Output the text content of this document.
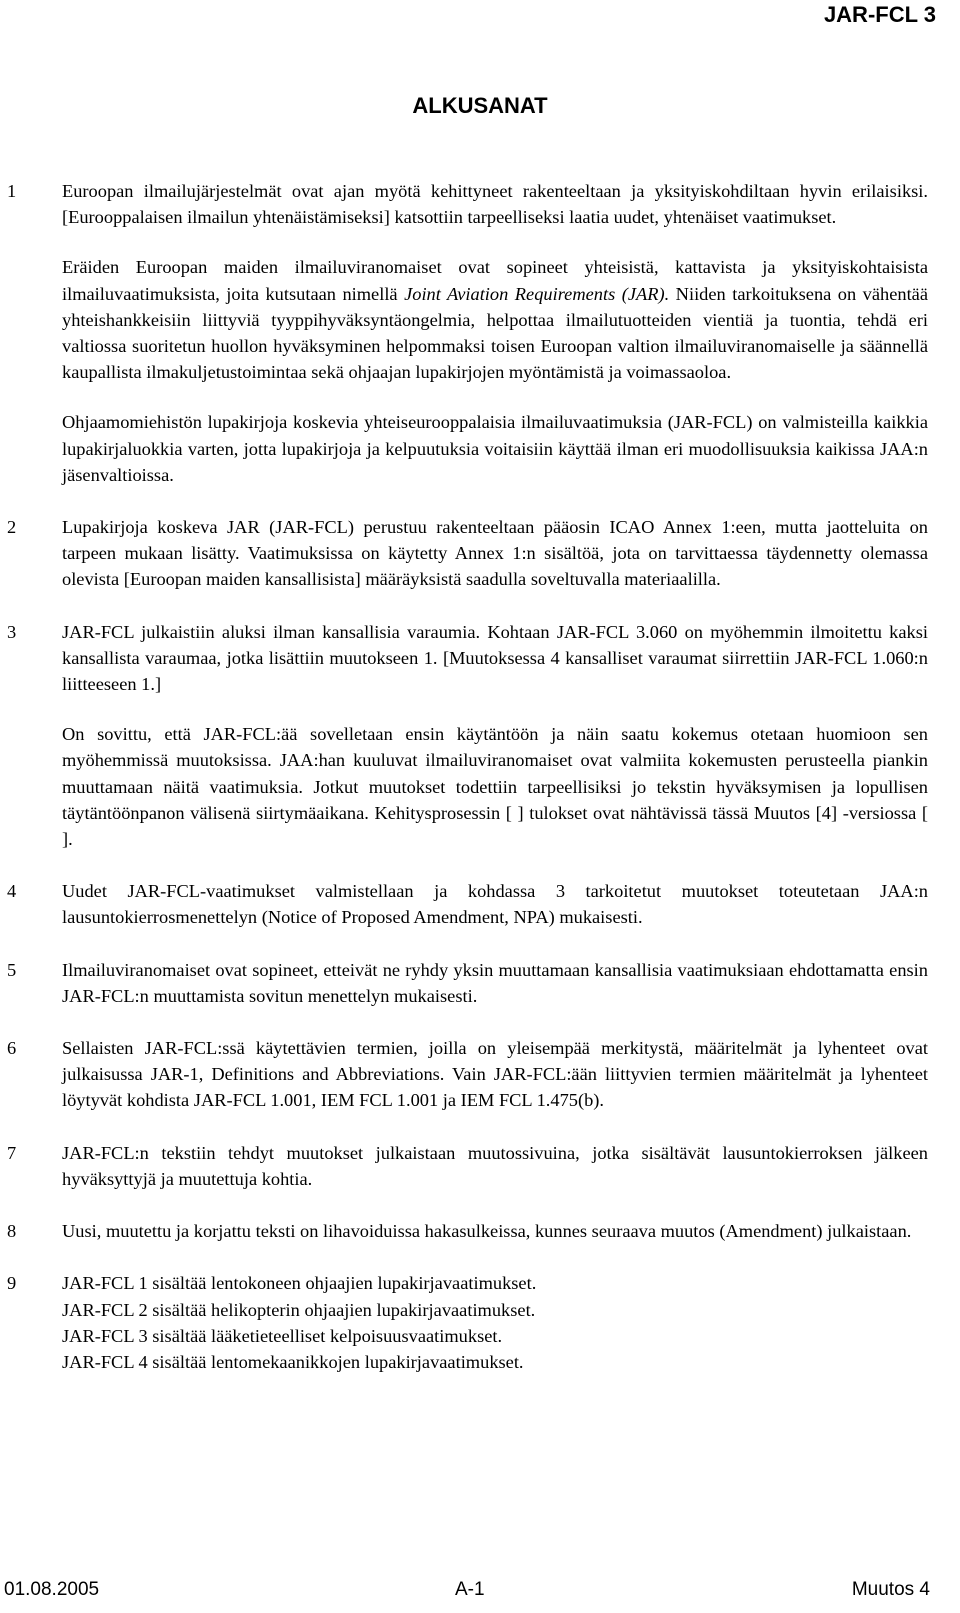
JAR-FCL 3
ALKUSANAT
1 Euroopan ilmailujärjestelmät ovat ajan myötä kehittyneet rakenteeltaan ja yksityiskohdiltaan hyvin erilaisiksi. [Eurooppalaisen ilmailun yhtenäistämiseksi] katsottiin tarpeelliseksi laatia uudet, yhtenäiset vaatimukset.

Eräiden Euroopan maiden ilmailuviranomaiset ovat sopineet yhteisistä, kattavista ja yksityiskohtaisista ilmailuvaatimuksista, joita kutsutaan nimellä Joint Aviation Requirements (JAR). Niiden tarkoituksena on vähentää yhteishankkeisiin liittyviä tyyppihyväksyntäongelmia, helpottaa ilmailutuotteiden vientiä ja tuontia, tehdä eri valtiossa suoritetun huollon hyväksyminen helpommaksi toisen Euroopan valtion ilmailuviranomaiselle ja säännellä kaupallista ilmakuljetustoimintaa sekä ohjaajan lupakirjojen myöntämistä ja voimassaoloa.

Ohjaamomiehistön lupakirjoja koskevia yhteiseurooppalaisia ilmailuvaatimuksia (JAR-FCL) on valmisteilla kaikkia lupakirjaluokkia varten, jotta lupakirjoja ja kelpuutuksia voitaisiin käyttää ilman eri muodollisuuksia kaikissa JAA:n jäsenvaltioissa.

2 Lupakirjoja koskeva JAR (JAR-FCL) perustuu rakenteeltaan pääosin ICAO Annex 1:een, mutta jaotteluita on tarpeen mukaan lisätty. Vaatimuksissa on käytetty Annex 1:n sisältöä, jota on tarvittaessa täydennetty olemassa olevista [Euroopan maiden kansallisista] määräyksistä saadulla soveltuvalla materiaalilla.

3 JAR-FCL julkaistiin aluksi ilman kansallisia varaumia. Kohtaan JAR-FCL 3.060 on myöhemmin ilmoitettu kaksi kansallista varaumaa, jotka lisättiin muutokseen 1. [Muutoksessa 4 kansalliset varaumat siirrettiin JAR-FCL 1.060:n liitteeseen 1.]

On sovittu, että JAR-FCL:ää sovelletaan ensin käytäntöön ja näin saatu kokemus otetaan huomioon sen myöhemmissä muutoksissa. JAA:han kuuluvat ilmailuviranomaiset ovat valmiita kokemusten perusteella piankin muuttamaan näitä vaatimuksia. Jotkut muutokset todettiin tarpeellisiksi jo tekstin hyväksymisen ja lopullisen täytäntöönpanon välisenä siirtymäaikana. Kehitysprosessin [ ] tulokset ovat nähtävissä tässä Muutos [4] -versiossa [ ].

4 Uudet JAR-FCL-vaatimukset valmistellaan ja kohdassa 3 tarkoitetut muutokset toteutetaan JAA:n lausuntokierrosmenettelyn (Notice of Proposed Amendment, NPA) mukaisesti.

5 Ilmailuviranomaiset ovat sopineet, etteivät ne ryhdy yksin muuttamaan kansallisia vaatimuksiaan ehdottamatta ensin JAR-FCL:n muuttamista sovitun menettelyn mukaisesti.

6 Sellaisten JAR-FCL:ssä käytettävien termien, joilla on yleisempää merkitystä, määritelmät ja lyhenteet ovat julkaisussa JAR-1, Definitions and Abbreviations. Vain JAR-FCL:ään liittyvien termien määritelmät ja lyhenteet löytyvät kohdista JAR-FCL 1.001, IEM FCL 1.001 ja IEM FCL 1.475(b).

7 JAR-FCL:n tekstiin tehdyt muutokset julkaistaan muutossivuina, jotka sisältävät lausuntokierroksen jälkeen hyväksyttyjä ja muutettuja kohtia.

8 Uusi, muutettu ja korjattu teksti on lihavoiduissa hakasulkeissa, kunnes seuraava muutos (Amendment) julkaistaan.

9 JAR-FCL 1 sisältää lentokoneen ohjaajien lupakirjavaatimukset.
JAR-FCL 2 sisältää helikopterin ohjaajien lupakirjavaatimukset.
JAR-FCL 3 sisältää lääketieteelliset kelpoisuusvaatimukset.
JAR-FCL 4 sisältää lentomekaanikkojen lupakirjavaatimukset.
01.08.2005	A-1	Muutos 4
